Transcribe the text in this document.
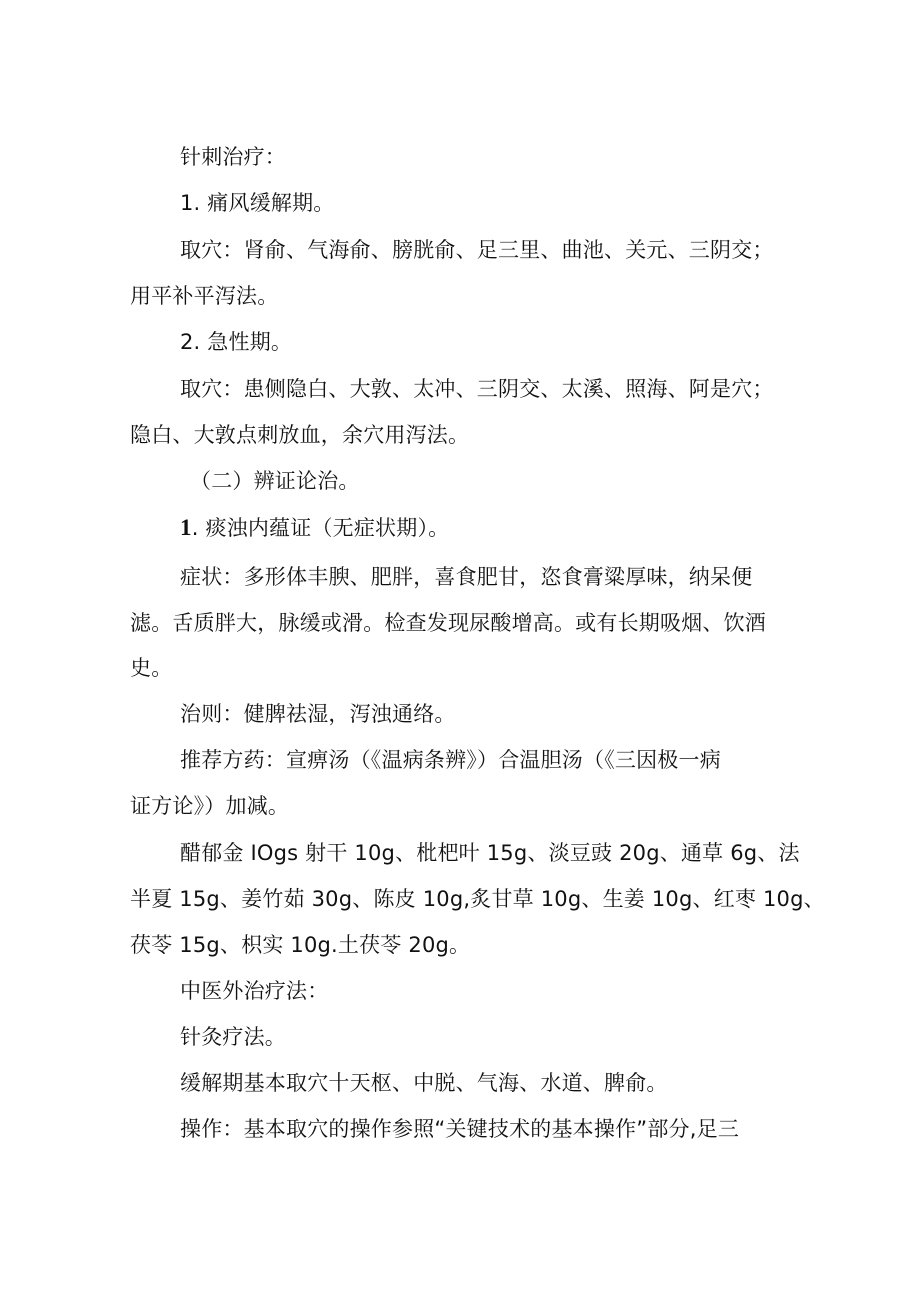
针刺治疗：
1. 痛风缓解期。
取穴：肾俞、气海俞、膀胱俞、足三里、曲池、关元、三阴交；
用平补平泻法。
2. 急性期。
取穴：患侧隐白、大敦、太冲、三阴交、太溪、照海、阿是穴；
隐白、大敦点刺放血，余穴用泻法。
（二）辨证论治。
1. 痰浊内蕴证（无症状期）。
症状：多形体丰腴、肥胖，喜食肥甘，恣食膏粱厚味，纳呆便
滤。舌质胖大，脉缓或滑。检查发现尿酸增高。或有长期吸烟、饮酒
史。
治则：健脾祛湿，泻浊通络。
推荐方药：宣痹汤（《温病条辨》）合温胆汤（《三因极一病
证方论》）加减。
醋郁金 IOgs 射干 10g、枇杷叶 15g、淡豆豉 20g、通草 6g、法
半夏 15g、姜竹茹 30g、陈皮 10g,炙甘草 10g、生姜 10g、红枣 10g、
茯苓 15g、枳实 10g.土茯苓 20g。
中医外治疗法：
针灸疗法。
缓解期基本取穴十天枢、中脱、气海、水道、脾俞。
操作：基本取穴的操作参照“关键技术的基本操作”部分,足三
